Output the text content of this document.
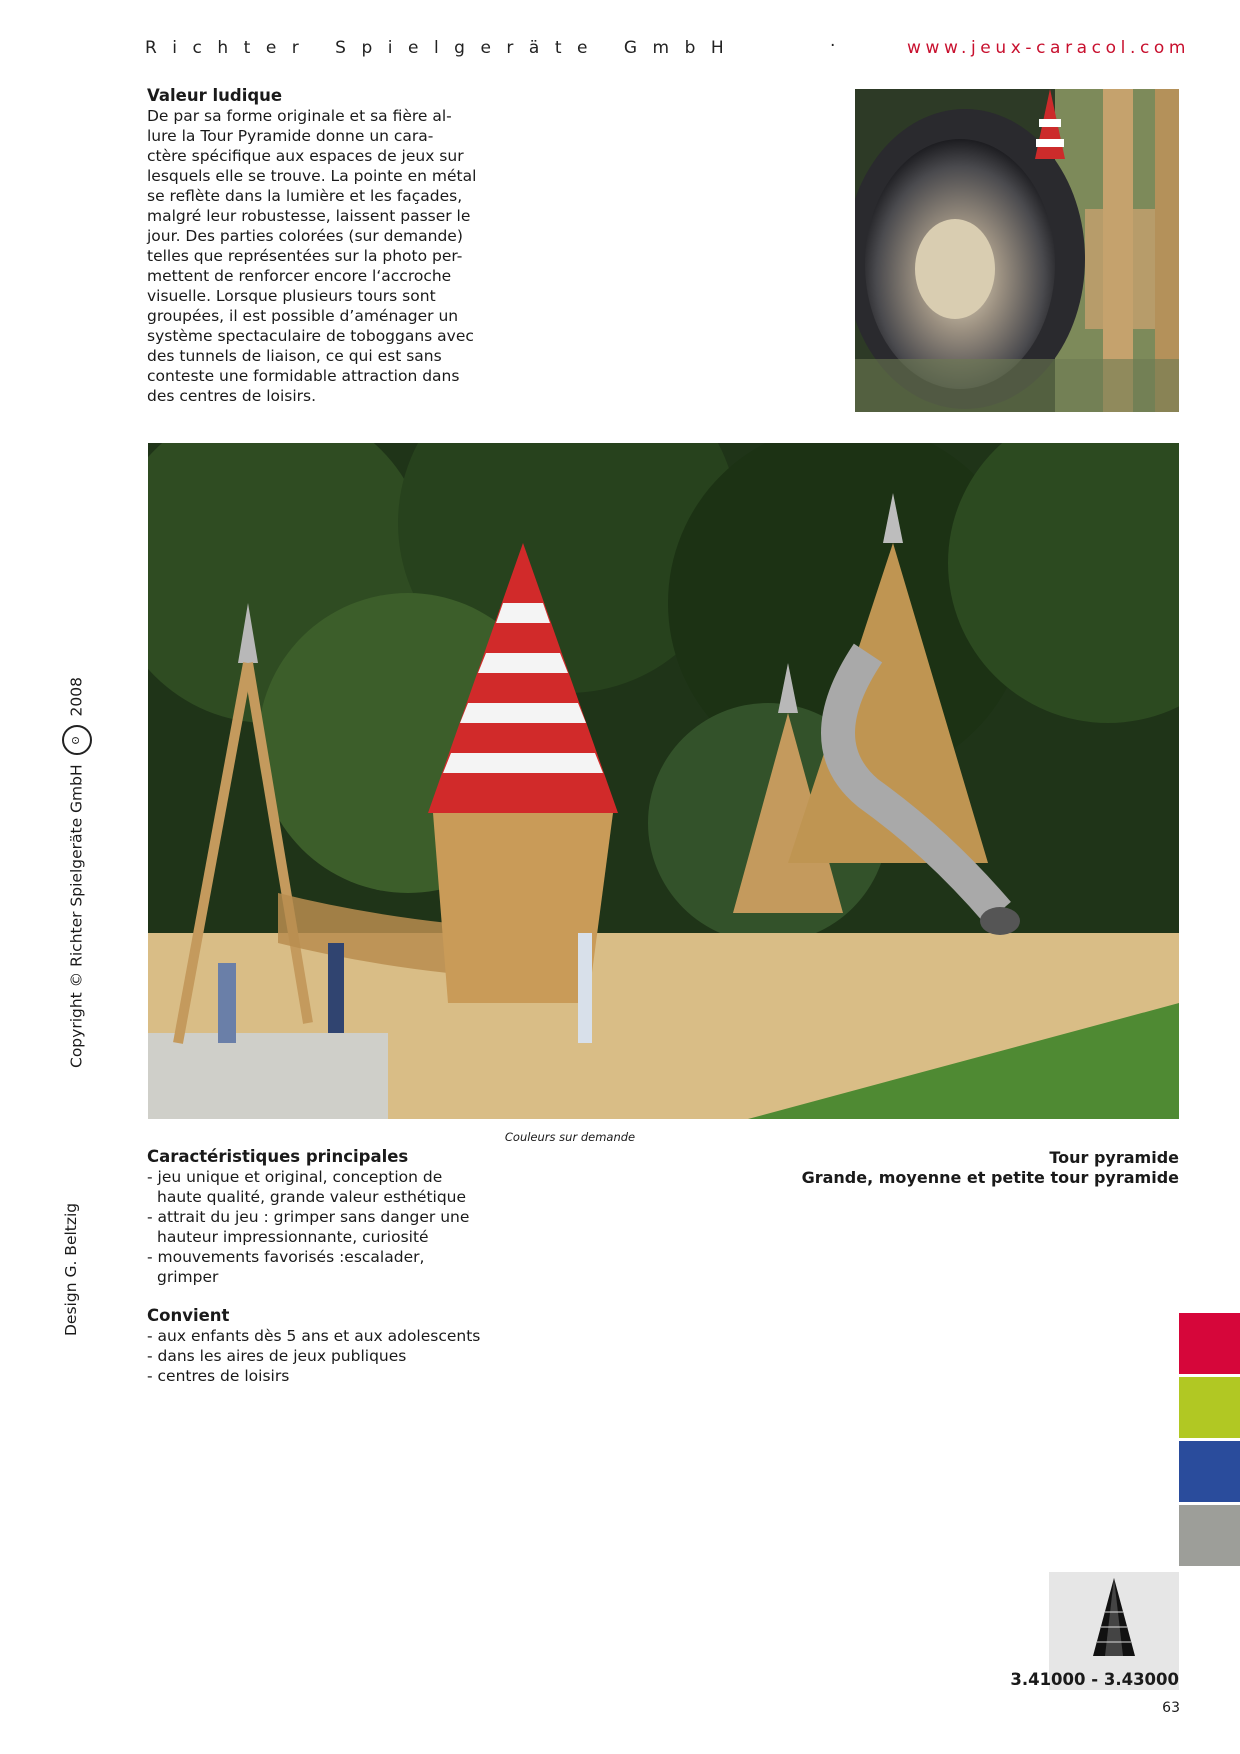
Richter Spielgeräte GmbH	·	www.jeux-caracol.com

Valeur ludique

De par sa forme originale et sa fière al-
lure la Tour Pyramide donne un cara-
ctère spécifique aux espaces de jeux sur
lesquels elle se trouve. La pointe en métal
se reflète dans la lumière et les façades,
malgré leur robustesse, laissent passer le
jour. Des parties colorées (sur demande)
telles que représentées sur la photo per-
mettent de renforcer encore l‘accroche
visuelle. Lorsque plusieurs tours sont
groupées, il est possible d’aménager un
système spectaculaire de toboggans avec
des tunnels de liaison, ce qui est sans
conteste une formidable attraction dans
des centres de loisirs.

Couleurs sur demande

Caractéristiques principales

- jeu unique et original, conception de haute qualité, grande valeur esthétique
- attrait du jeu : grimper sans danger une hauteur impressionnante, curiosité
- mouvements favorisés :escalader, grimper

Convient

- aux enfants dès 5 ans et aux adolescents
- dans les aires de jeux publiques
- centres de loisirs
Tour pyramide
Grande, moyenne et petite tour pyramide
Copyright © Richter Spielgeräte GmbH ʘ 2008
Design G. Beltzig
3.41000 - 3.43000
63
